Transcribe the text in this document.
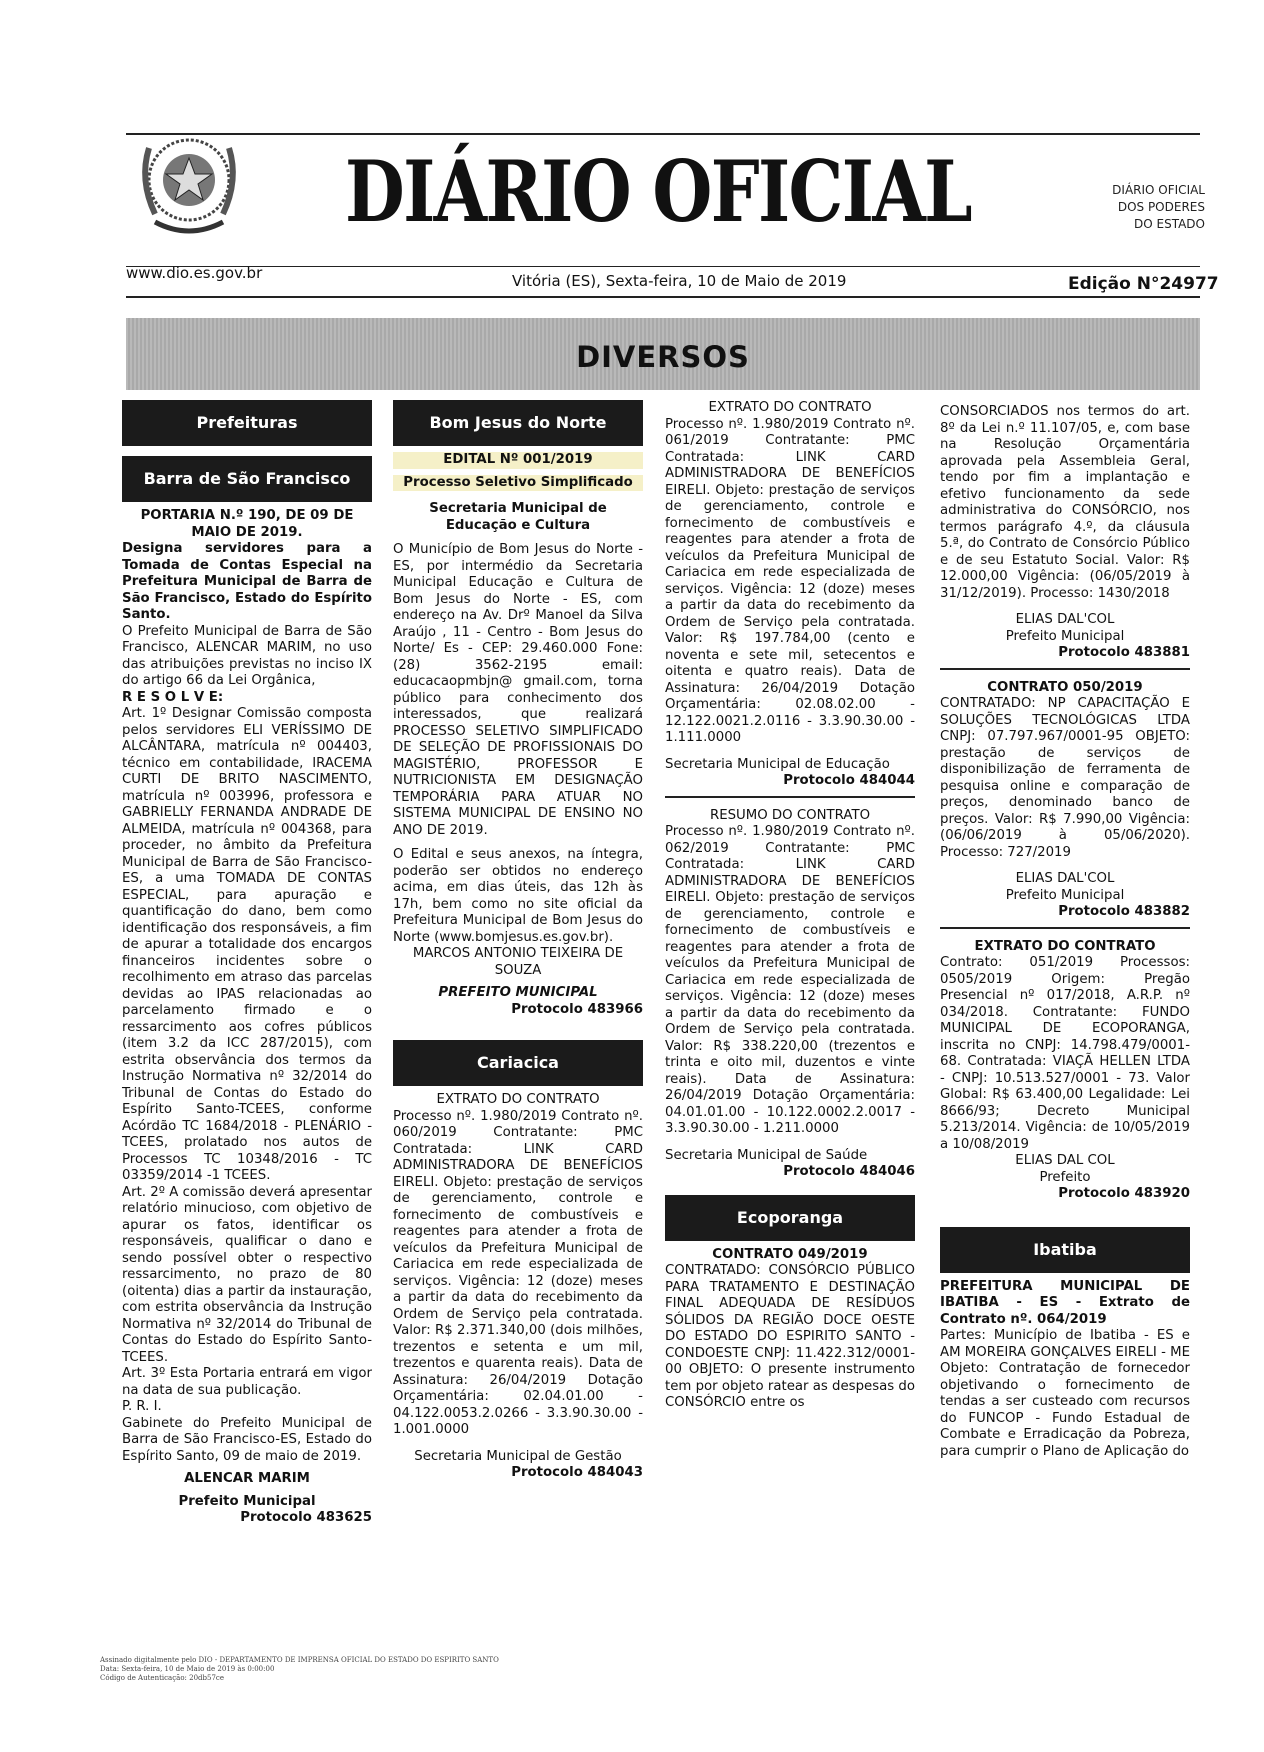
DIÁRIO OFICIAL	DIÁRIO OFICIAL
DOS PODERES
DO ESTADO
www.dio.es.gov.br	Vitória (ES), Sexta-feira, 10 de Maio de 2019	Edição N°24977
DIVERSOS
Prefeituras
Barra de São Francisco

PORTARIA N.º 190, DE 09 DE MAIO DE 2019.

Designa servidores para a Tomada de Contas Especial na Prefeitura Municipal de Barra de São Francisco, Estado do Espírito Santo.

O Prefeito Municipal de Barra de São Francisco, ALENCAR MARIM, no uso das atribuições previstas no inciso IX do artigo 66 da Lei Orgânica,

R E S O L V E:

Art. 1º Designar Comissão composta pelos servidores ELI VERÍSSIMO DE ALCÂNTARA, matrícula nº 004403, técnico em contabilidade, IRACEMA CURTI DE BRITO NASCIMENTO, matrícula nº 003996, professora e GABRIELLY FERNANDA ANDRADE DE ALMEIDA, matrícula nº 004368, para proceder, no âmbito da Prefeitura Municipal de Barra de São Francisco-ES, a uma TOMADA DE CONTAS ESPECIAL, para apuração e quantificação do dano, bem como identificação dos responsáveis, a fim de apurar a totalidade dos encargos financeiros incidentes sobre o recolhimento em atraso das parcelas devidas ao IPAS relacionadas ao parcelamento firmado e o ressarcimento aos cofres públicos (item 3.2 da ICC 287/2015), com estrita observância dos termos da Instrução Normativa nº 32/2014 do Tribunal de Contas do Estado do Espírito Santo-TCEES, conforme Acórdão TC 1684/2018 - PLENÁRIO - TCEES, prolatado nos autos de Processos TC 10348/2016 - TC 03359/2014 -1 TCEES.

Art. 2º A comissão deverá apresentar relatório minucioso, com objetivo de apurar os fatos, identificar os responsáveis, qualificar o dano e sendo possível obter o respectivo ressarcimento, no prazo de 80 (oitenta) dias a partir da instauração, com estrita observância da Instrução Normativa nº 32/2014 do Tribunal de Contas do Estado do Espírito Santo-TCEES.

Art. 3º Esta Portaria entrará em vigor na data de sua publicação.

P. R. I.

Gabinete do Prefeito Municipal de Barra de São Francisco-ES, Estado do Espírito Santo, 09 de maio de 2019.

ALENCAR MARIM

Prefeito Municipal

Protocolo 483625

Bom Jesus do Norte

EDITAL Nº 001/2019

Processo Seletivo Simplificado

Secretaria Municipal de Educação e Cultura

O Município de Bom Jesus do Norte - ES, por intermédio da Secretaria Municipal Educação e Cultura de Bom Jesus do Norte - ES, com endereço na Av. Drº Manoel da Silva Araújo , 11 - Centro - Bom Jesus do Norte/ Es - CEP: 29.460.000 Fone: (28) 3562-2195 email: educacaopmbjn@ gmail.com, torna público para conhecimento dos interessados, que realizará PROCESSO SELETIVO SIMPLIFICADO DE SELEÇÃO DE PROFISSIONAIS DO MAGISTÉRIO, PROFESSOR E NUTRICIONISTA EM DESIGNAÇÃO TEMPORÁRIA PARA ATUAR NO SISTEMA MUNICIPAL DE ENSINO NO ANO DE 2019.

O Edital e seus anexos, na íntegra, poderão ser obtidos no endereço acima, em dias úteis, das 12h às 17h, bem como no site oficial da Prefeitura Municipal de Bom Jesus do Norte (www.bomjesus.es.gov.br).

MARCOS ANTONIO TEIXEIRA DE SOUZA

PREFEITO MUNICIPAL

Protocolo 483966

Cariacica

EXTRATO DO CONTRATO

Processo nº. 1.980/2019 Contrato nº. 060/2019 Contratante: PMC Contratada: LINK CARD ADMINISTRADORA DE BENEFÍCIOS EIRELI. Objeto: prestação de serviços de gerenciamento, controle e fornecimento de combustíveis e reagentes para atender a frota de veículos da Prefeitura Municipal de Cariacica em rede especializada de serviços. Vigência: 12 (doze) meses a partir da data do recebimento da Ordem de Serviço pela contratada. Valor: R$ 2.371.340,00 (dois milhões, trezentos e setenta e um mil, trezentos e quarenta reais). Data de Assinatura: 26/04/2019 Dotação Orçamentária: 02.04.01.00 - 04.122.0053.2.0266 - 3.3.90.30.00 - 1.001.0000

Secretaria Municipal de Gestão

Protocolo 484043

EXTRATO DO CONTRATO

Processo nº. 1.980/2019 Contrato nº. 061/2019 Contratante: PMC Contratada: LINK CARD ADMINISTRADORA DE BENEFÍCIOS EIRELI. Objeto: prestação de serviços de gerenciamento, controle e fornecimento de combustíveis e reagentes para atender a frota de veículos da Prefeitura Municipal de Cariacica em rede especializada de serviços. Vigência: 12 (doze) meses a partir da data do recebimento da Ordem de Serviço pela contratada. Valor: R$ 197.784,00 (cento e noventa e sete mil, setecentos e oitenta e quatro reais). Data de Assinatura: 26/04/2019 Dotação Orçamentária: 02.08.02.00 - 12.122.0021.2.0116 - 3.3.90.30.00 - 1.111.0000

Secretaria Municipal de Educação

Protocolo 484044

RESUMO DO CONTRATO

Processo nº. 1.980/2019 Contrato nº. 062/2019 Contratante: PMC Contratada: LINK CARD ADMINISTRADORA DE BENEFÍCIOS EIRELI. Objeto: prestação de serviços de gerenciamento, controle e fornecimento de combustíveis e reagentes para atender a frota de veículos da Prefeitura Municipal de Cariacica em rede especializada de serviços. Vigência: 12 (doze) meses a partir da data do recebimento da Ordem de Serviço pela contratada. Valor: R$ 338.220,00 (trezentos e trinta e oito mil, duzentos e vinte reais). Data de Assinatura: 26/04/2019 Dotação Orçamentária: 04.01.01.00 - 10.122.0002.2.0017 - 3.3.90.30.00 - 1.211.0000

Secretaria Municipal de Saúde

Protocolo 484046

Ecoporanga

CONTRATO 049/2019

CONTRATADO: CONSÓRCIO PÚBLICO PARA TRATAMENTO E DESTINAÇÃO FINAL ADEQUADA DE RESÍDUOS SÓLIDOS DA REGIÃO DOCE OESTE DO ESTADO DO ESPIRITO SANTO - CONDOESTE CNPJ: 11.422.312/0001-00 OBJETO: O presente instrumento tem por objeto ratear as despesas do CONSÓRCIO entre os

CONSORCIADOS nos termos do art. 8º da Lei n.º 11.107/05, e, com base na Resolução Orçamentária aprovada pela Assembleia Geral, tendo por fim a implantação e efetivo funcionamento da sede administrativa do CONSÓRCIO, nos termos parágrafo 4.º, da cláusula 5.ª, do Contrato de Consórcio Público e de seu Estatuto Social. Valor: R$ 12.000,00 Vigência: (06/05/2019 à 31/12/2019). Processo: 1430/2018

ELIAS DAL'COL

Prefeito Municipal

Protocolo 483881

CONTRATO 050/2019

CONTRATADO: NP CAPACITAÇÃO E SOLUÇÕES TECNOLÓGICAS LTDA CNPJ: 07.797.967/0001-95 OBJETO: prestação de serviços de disponibilização de ferramenta de pesquisa online e comparação de preços, denominado banco de preços. Valor: R$ 7.990,00 Vigência: (06/06/2019 à 05/06/2020). Processo: 727/2019

ELIAS DAL'COL

Prefeito Municipal

Protocolo 483882

EXTRATO DO CONTRATO

Contrato: 051/2019 Processos: 0505/2019 Origem: Pregão Presencial nº 017/2018, A.R.P. nº 034/2018. Contratante: FUNDO MUNICIPAL DE ECOPORANGA, inscrita no CNPJ: 14.798.479/0001-68. Contratada: VIAÇÃ HELLEN LTDA - CNPJ: 10.513.527/0001 - 73. Valor Global: R$ 63.400,00 Legalidade: Lei 8666/93; Decreto Municipal 5.213/2014. Vigência: de 10/05/2019 a 10/08/2019

ELIAS DAL COL

Prefeito

Protocolo 483920

Ibatiba

PREFEITURA MUNICIPAL DE IBATIBA - ES - Extrato de Contrato nº. 064/2019

Partes: Município de Ibatiba - ES e AM MOREIRA GONÇALVES EIRELI - ME Objeto: Contratação de fornecedor objetivando o fornecimento de tendas a ser custeado com recursos do FUNCOP - Fundo Estadual de Combate e Erradicação da Pobreza, para cumprir o Plano de Aplicação do

Assinado digitalmente pelo DIO - DEPARTAMENTO DE IMPRENSA OFICIAL DO ESTADO DO ESPIRITO SANTO
Data: Sexta-feira, 10 de Maio de 2019 às 0:00:00
Código de Autenticação: 20db57ce
